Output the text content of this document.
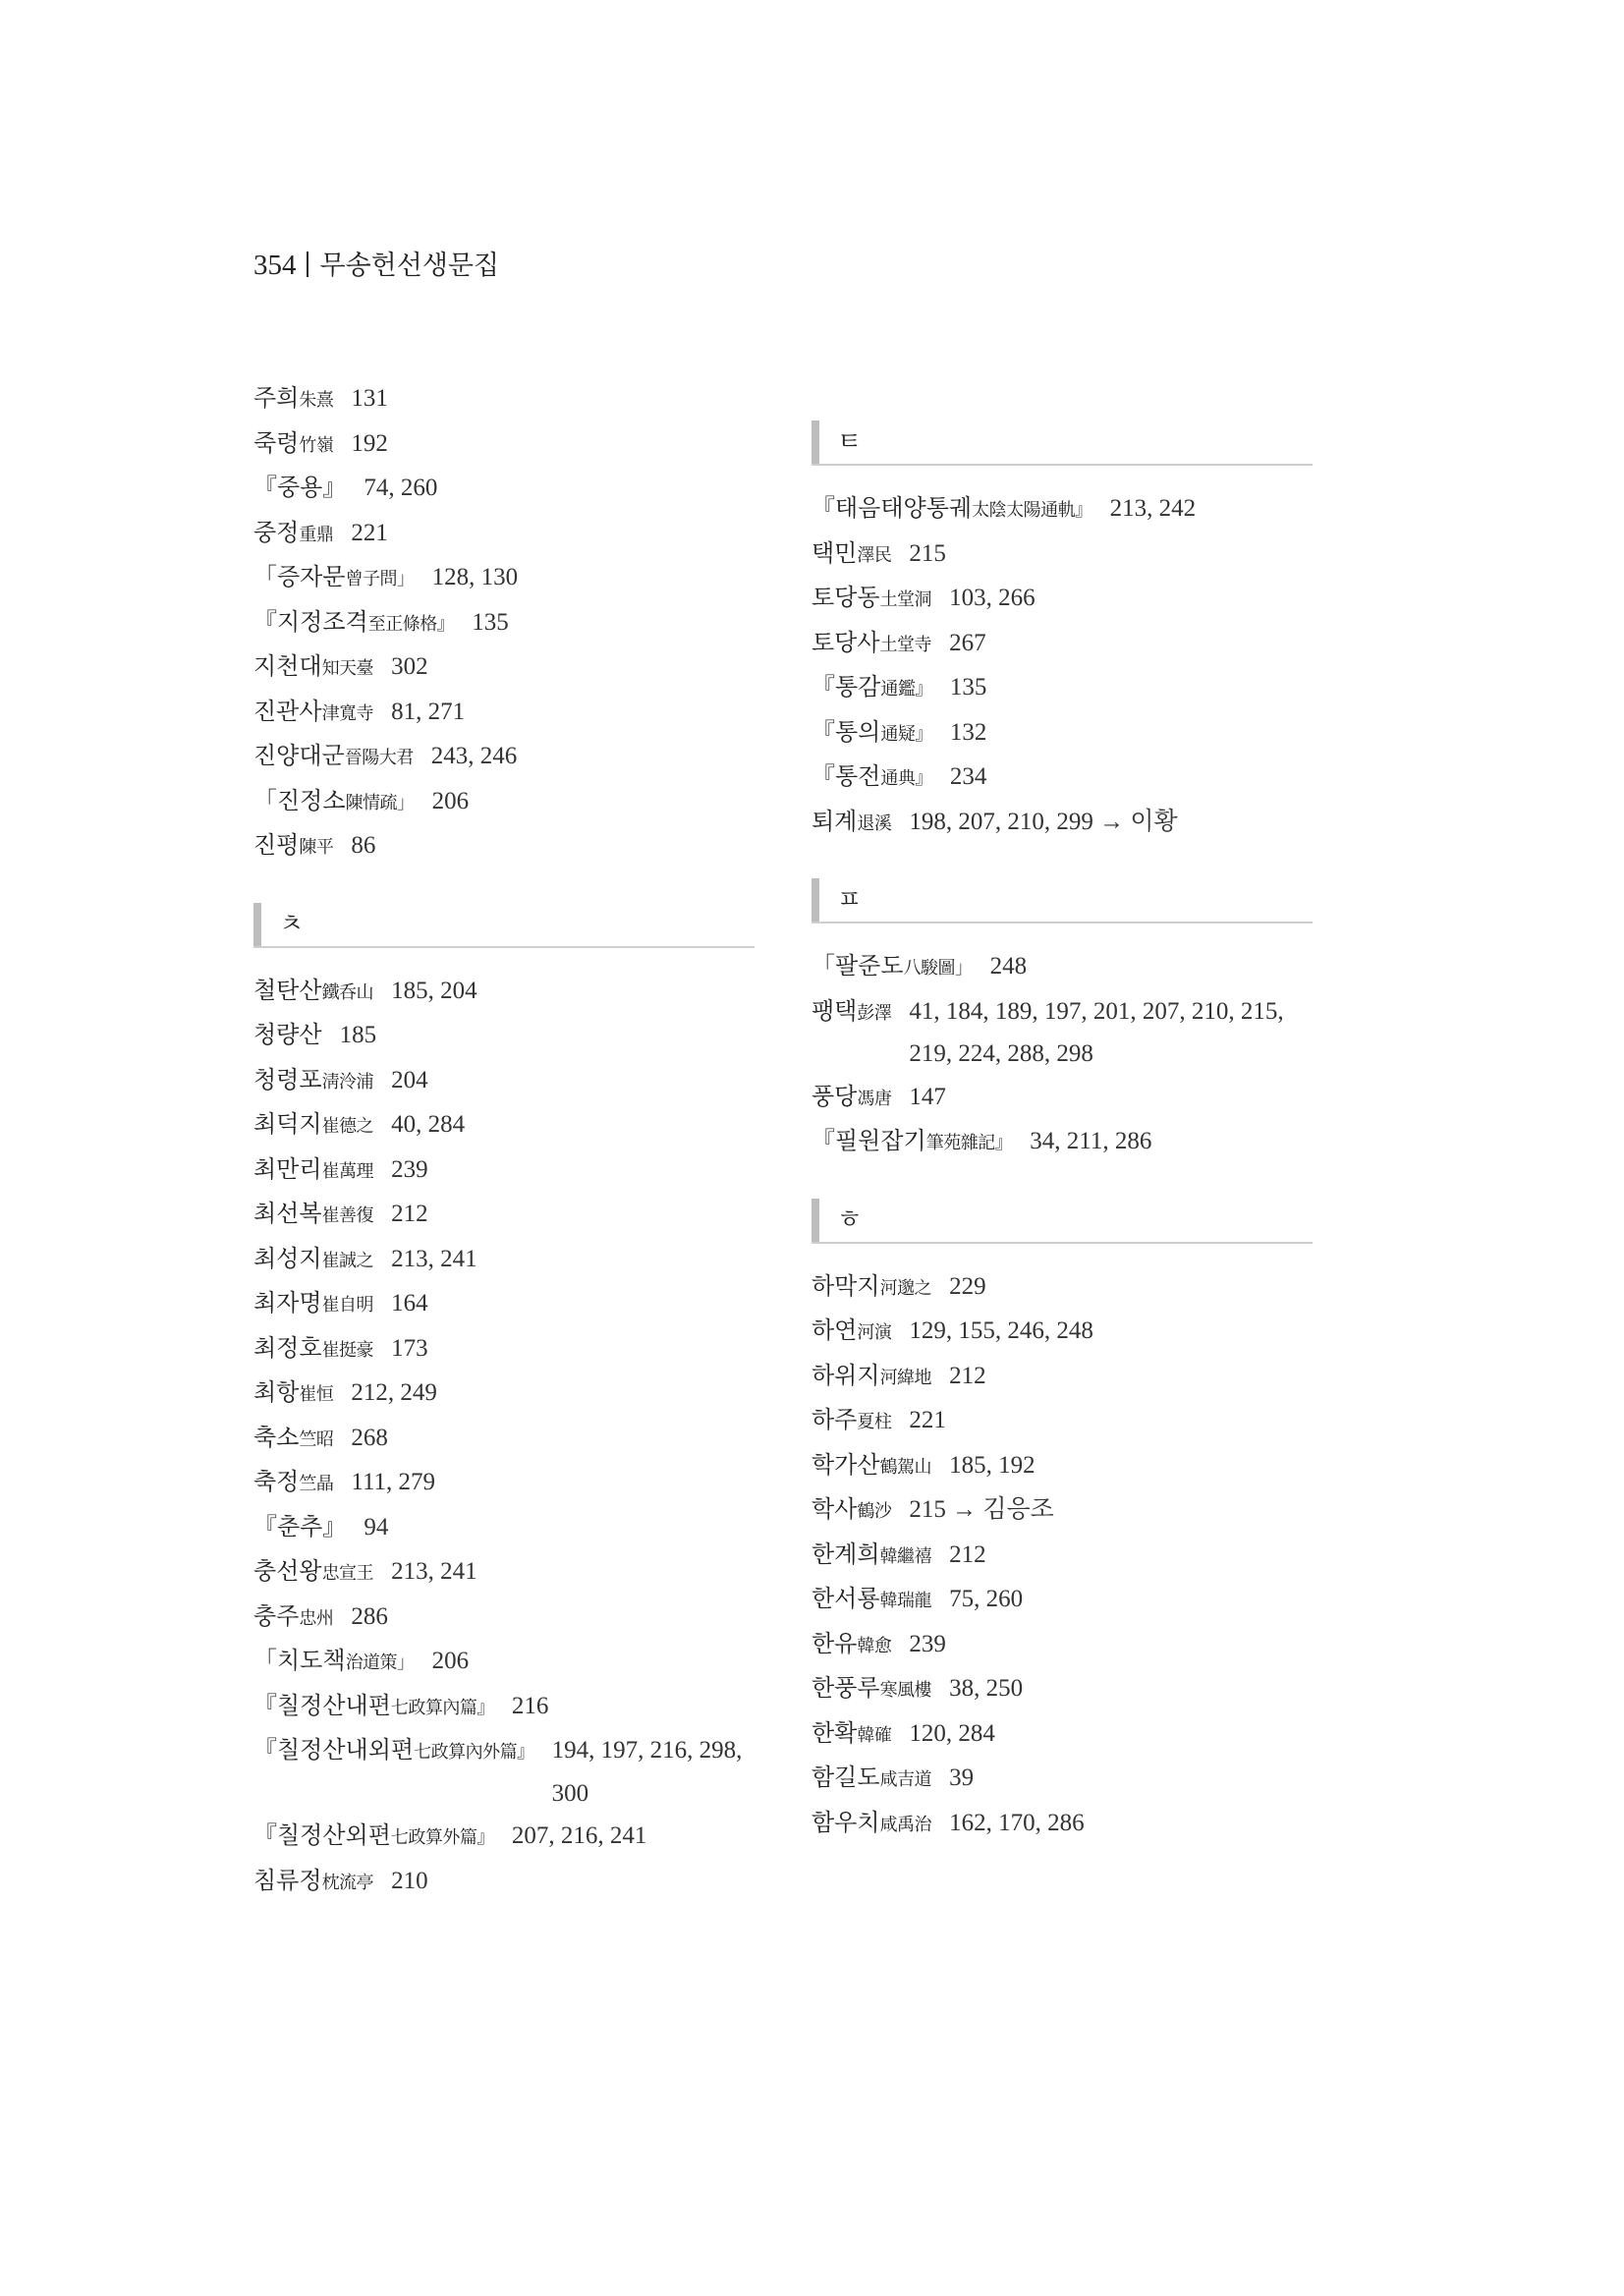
354 무송헌선생문집
주희朱熹 131
죽령竹嶺 192
『중용』 74, 260
중정重鼎 221
「증자문曾子問」 128, 130
『지정조격至正條格』 135
지천대知天臺 302
진관사津寬寺 81, 271
진양대군晉陽大君 243, 246
「진정소陳情疏」 206
진평陳平 86
ㅊ
철탄산鐵呑山 185, 204
청량산 185
청령포淸泠浦 204
최덕지崔德之 40, 284
최만리崔萬理 239
최선복崔善復 212
최성지崔誠之 213, 241
최자명崔自明 164
최정호崔挺豪 173
최항崔恒 212, 249
축소竺昭 268
축정竺晶 111, 279
『춘추』 94
충선왕忠宣王 213, 241
충주忠州 286
「치도책治道策」 206
『칠정산내편七政算內篇』 216
『칠정산내외편七政算內外篇』 194, 197, 216, 298, 300
『칠정산외편七政算外篇』 207, 216, 241
침류정枕流亭 210
ㅌ
『태음태양통궤太陰太陽通軌』 213, 242
택민澤民 215
토당동土堂洞 103, 266
토당사土堂寺 267
『통감通鑑』 135
『통의通疑』 132
『통전通典』 234
퇴계退溪 198, 207, 210, 299 → 이황
ㅍ
「팔준도八駿圖」 248
팽택彭澤 41, 184, 189, 197, 201, 207, 210, 215, 219, 224, 288, 298
풍당馮唐 147
『필원잡기筆苑雜記』 34, 211, 286
ㅎ
하막지河邈之 229
하연河演 129, 155, 246, 248
하위지河緯地 212
하주夏柱 221
학가산鶴駕山 185, 192
학사鶴沙 215 → 김응조
한계희韓繼禧 212
한서룡韓瑞龍 75, 260
한유韓愈 239
한풍루寒風樓 38, 250
한확韓確 120, 284
함길도咸吉道 39
함우치咸禹治 162, 170, 286
